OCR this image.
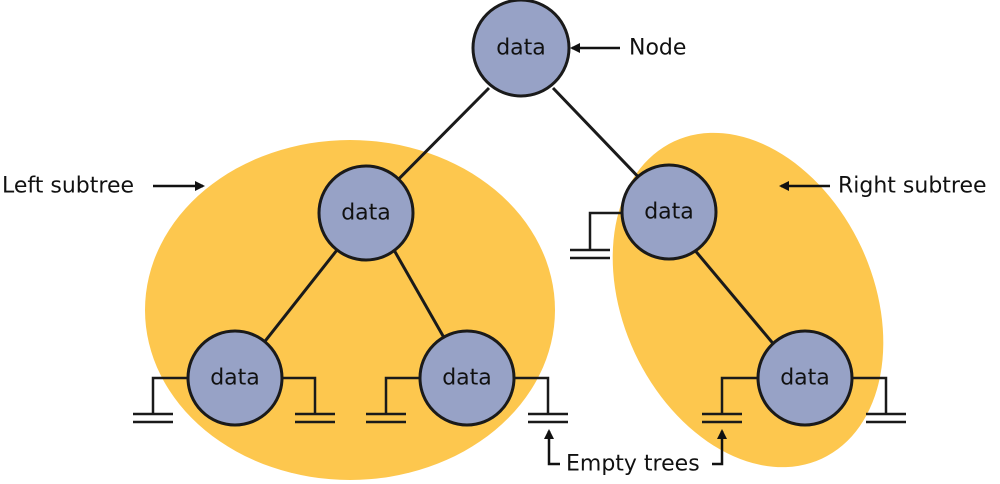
data
data	data
data	data	data
Node
Left subtree	Right subtree
Empty trees
